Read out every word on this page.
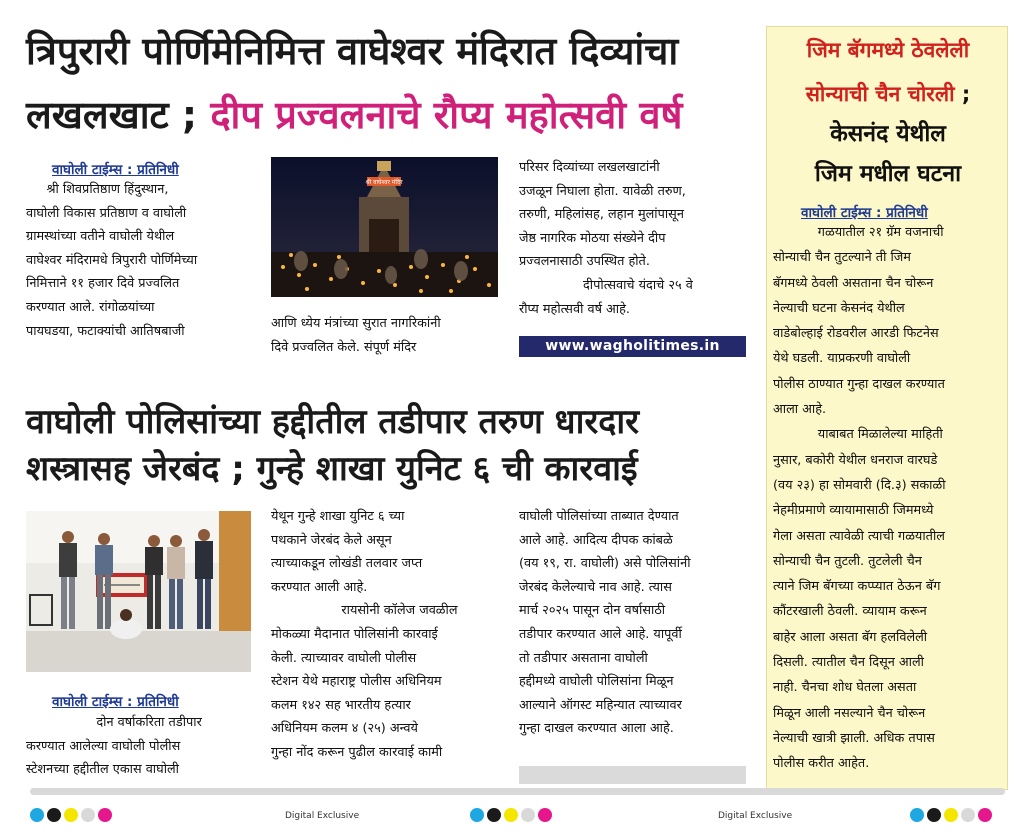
त्रिपुरारी पोर्णिमेनिमित्त वाघेश्वर मंदिरात दिव्यांचा
लखलखाट ; दीप प्रज्वलनाचे रौप्य महोत्सवी वर्ष
वाघोली टाईम्स : प्रतिनिधी

श्री शिवप्रतिष्ठाण हिंदुस्थान,

वाघोली विकास प्रतिष्ठाण व वाघोली

ग्रामस्थांच्या वतीने वाघोली येथील

वाघेश्वर मंदिरामधे त्रिपुरारी पोर्णिमेच्या

निमित्ताने ११ हजार दिवे प्रज्वलित

करण्यात आले. रांगोळयांच्या

पायघडया, फटाक्यांची आतिषबाजी

श्री वाघेश्वर मंदिर

आणि ध्येय मंत्रांच्या सुरात नागरिकांनी

दिवे प्रज्वलित केले. संपूर्ण मंदिर

परिसर दिव्यांच्या लखलखाटांनी

उजळून निघाला होता. यावेळी तरुण,

तरुणी, महिलांसह, लहान मुलांपासून

जेष्ठ नागरिक मोठया संख्येने दीप

प्रज्वलनासाठी उपस्थित होते.

दीपोत्सवाचे यंदाचे २५ वे

रौप्य महोत्सवी वर्ष आहे.

www.wagholitimes.in
वाघोली पोलिसांच्या हद्दीतील तडीपार तरुण धारदार
शस्त्रासह जेरबंद ; गुन्हे शाखा युनिट ६ ची कारवाई
वाघोली टाईम्स : प्रतिनिधी

दोन वर्षाकरिता तडीपार

करण्यात आलेल्या वाघोली पोलीस

स्टेशनच्या हद्दीतील एकास वाघोली

येथून गुन्हे शाखा युनिट ६ च्या

पथकाने जेरबंद केले असून

त्याच्याकडून लोखंडी तलवार जप्त

करण्यात आली आहे.

रायसोनी कॉलेज जवळील

मोकळ्या मैदानात पोलिसांनी कारवाई

केली. त्याच्यावर वाघोली पोलीस

स्टेशन येथे महाराष्ट्र पोलीस अधिनियम

कलम १४२ सह भारतीय हत्यार

अधिनियम कलम ४ (२५) अन्वये

गुन्हा नोंद करून पुढील कारवाई कामी

वाघोली पोलिसांच्या ताब्यात देण्यात

आले आहे. आदित्य दीपक कांबळे

(वय १९, रा. वाघोली) असे पोलिसांनी

जेरबंद केलेल्याचे नाव आहे. त्यास

मार्च २०२५ पासून दोन वर्षासाठी

तडीपार करण्यात आले आहे. यापूर्वी

तो तडीपार असताना वाघोली

हद्दीमध्ये वाघोली पोलिसांना मिळून

आल्याने ऑगस्ट महिन्यात त्याच्यावर

गुन्हा दाखल करण्यात आला आहे.

जिम बॅगमध्ये ठेवलेली
सोन्याची चैन चोरली ;
केसनंद येथील
जिम मधील घटना
वाघोली टाईम्स : प्रतिनिधी

गळयातील २१ ग्रॅम वजनाची

सोन्याची चैन तुटल्याने ती जिम

बॅगमध्ये ठेवली असताना चैन चोरून

नेल्याची घटना केसनंद येथील

वाडेबोल्हाई रोडवरील आरडी फिटनेस

येथे घडली. याप्रकरणी वाघोली

पोलीस ठाण्यात गुन्हा दाखल करण्यात

आला आहे.

याबाबत मिळालेल्या माहिती

नुसार, बकोरी येथील धनराज वारघडे

(वय २३) हा सोमवारी (दि.३) सकाळी

नेहमीप्रमाणे व्यायामासाठी जिममध्ये

गेला असता त्यावेळी त्याची गळयातील

सोन्याची चैन तुटली. तुटलेली चैन

त्याने जिम बॅगच्या कप्प्यात ठेऊन बॅग

कौंटरखाली ठेवली. व्यायाम करून

बाहेर आला असता बॅग हलविलेली

दिसली. त्यातील चैन दिसून आली

नाही. चैनचा शोध घेतला असता

मिळून आली नसल्याने चैन चोरून

नेल्याची खात्री झाली. अधिक तपास

पोलीस करीत आहेत.

Digital Exclusive	Digital Exclusive
